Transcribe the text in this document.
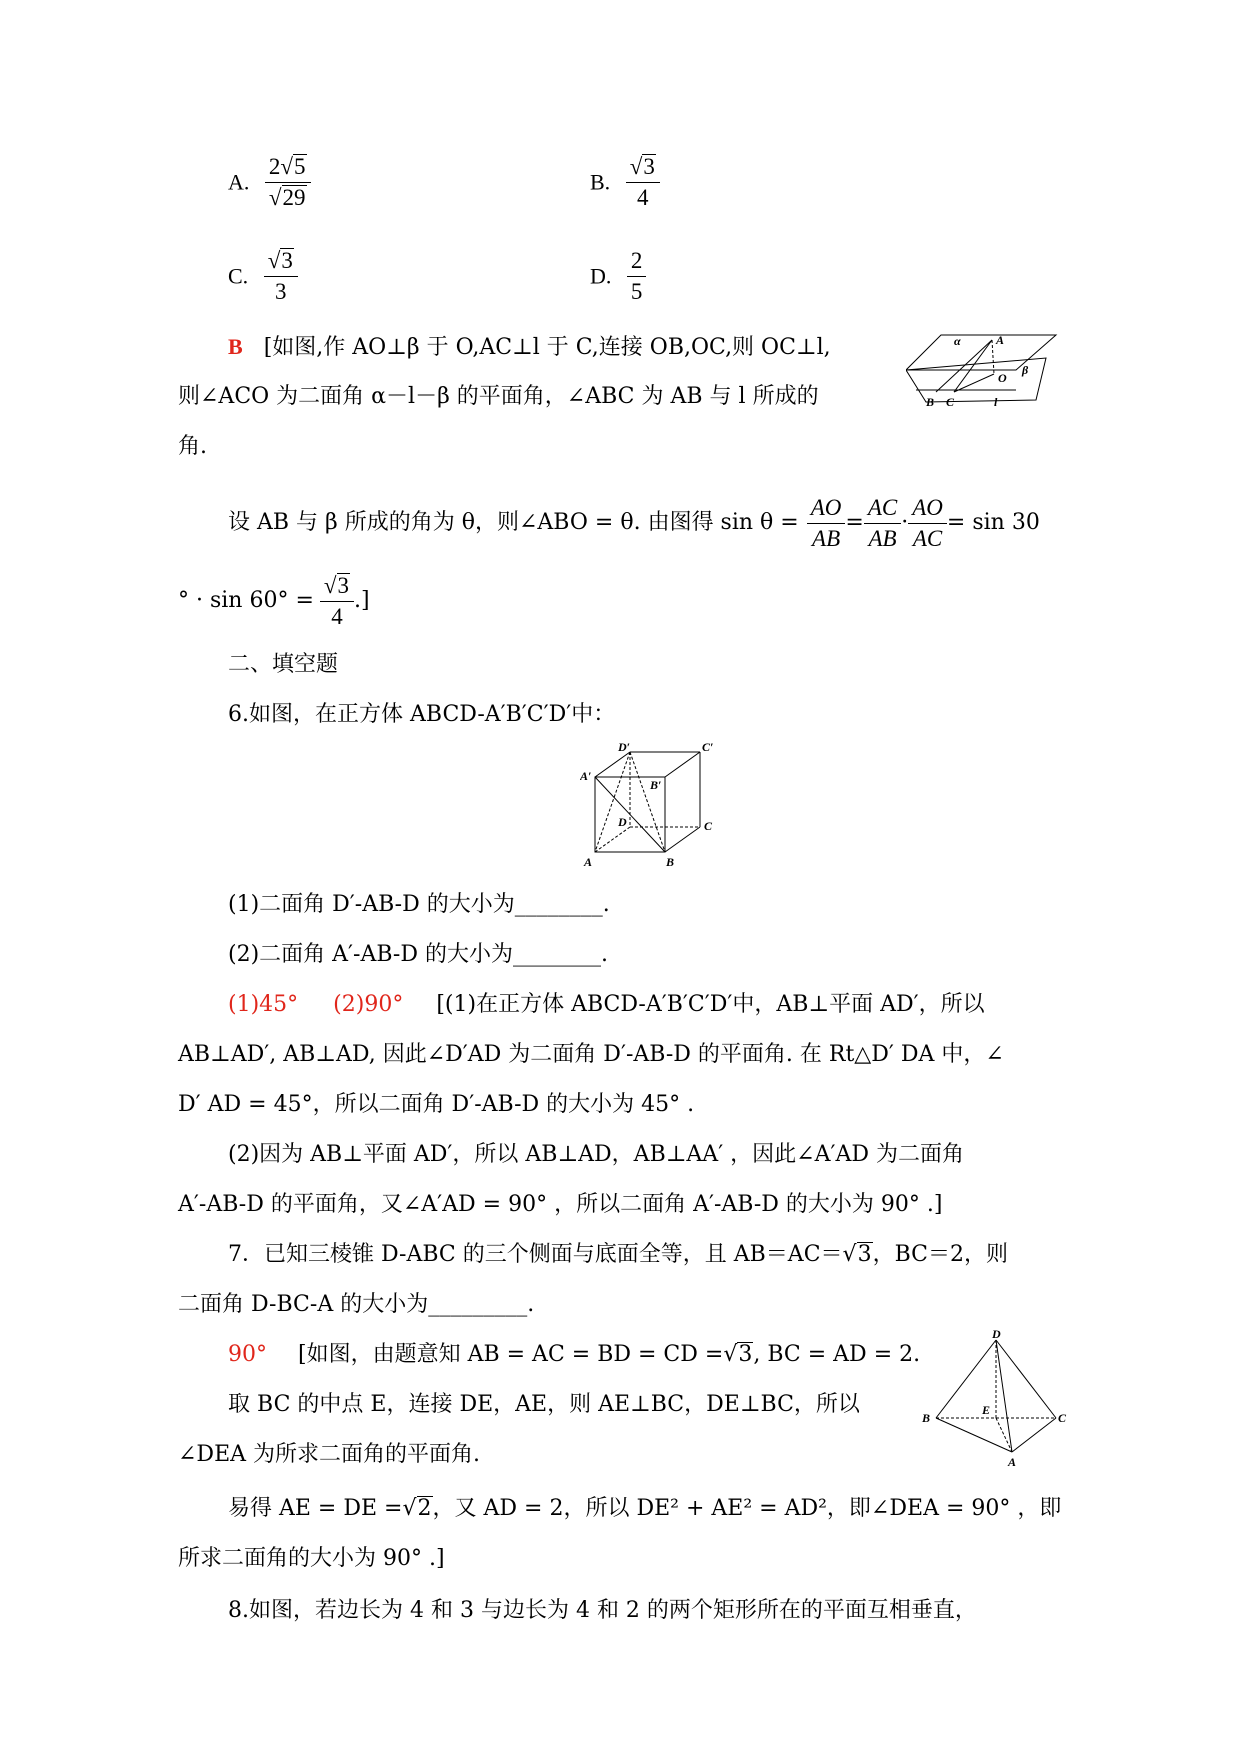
A. $\frac{2√5}{√29}$	B. $\frac{√3}{4}$
C. $\frac{√3}{3}$	D. $\frac{2}{5}$
B [如图,作 AO⊥β 于 O,AC⊥l 于 C,连接 OB,OC,则 OC⊥l,
则∠ACO 为二面角 α－l－β 的平面角，∠ABC 为 AB 与 l 所成的
角.
α	A
O
β
B C	l
设 AB 与 β 所成的角为 θ，则∠ABO = θ. 由图得 $\sin \theta = \frac{AO}{AB} = \frac{AC}{AB} \cdot \frac{AO}{AC} = \sin 30$
° · $\sin 60^\circ = \frac{√3}{4}$ .]
二、填空题
6.如图，在正方体 ABCD-A′B′C′D′中：
D′	C′
A′
B′
D	C
A	B
(1)二面角 D′-AB-D 的大小为________.
(2)二面角 A′-AB-D 的大小为________.
(1)45° (2)90° [(1)在正方体 ABCD-A′B′C′D′中，AB⊥平面 AD′，所以
AB⊥AD′, AB⊥AD, 因此∠D′AD 为二面角 D′-AB-D 的平面角. 在 Rt△D′ DA 中，∠
D′ AD = 45°，所以二面角 D′-AB-D 的大小为 45° .
(2)因为 AB⊥平面 AD′，所以 AB⊥AD，AB⊥AA′ ，因此∠A′AD 为二面角
A′-AB-D 的平面角，又∠A′AD = 90° ，所以二面角 A′-AB-D 的大小为 90° .]
7．已知三棱锥 D-ABC 的三个侧面与底面全等，且 AB＝AC＝√3，BC＝2，则
二面角 D-BC-A 的大小为_________.
90° [如图，由题意知 AB = AC = BD = CD =√3, BC = AD = 2.
取 BC 的中点 E，连接 DE，AE，则 AE⊥BC，DE⊥BC，所以
∠DEA 为所求二面角的平面角.
D
B
E
C
A
易得 AE = DE =√2，又 AD = 2，所以 DE² + AE² = AD²，即∠DEA = 90° ，即
所求二面角的大小为 90° .]
8.如图，若边长为 4 和 3 与边长为 4 和 2 的两个矩形所在的平面互相垂直，
